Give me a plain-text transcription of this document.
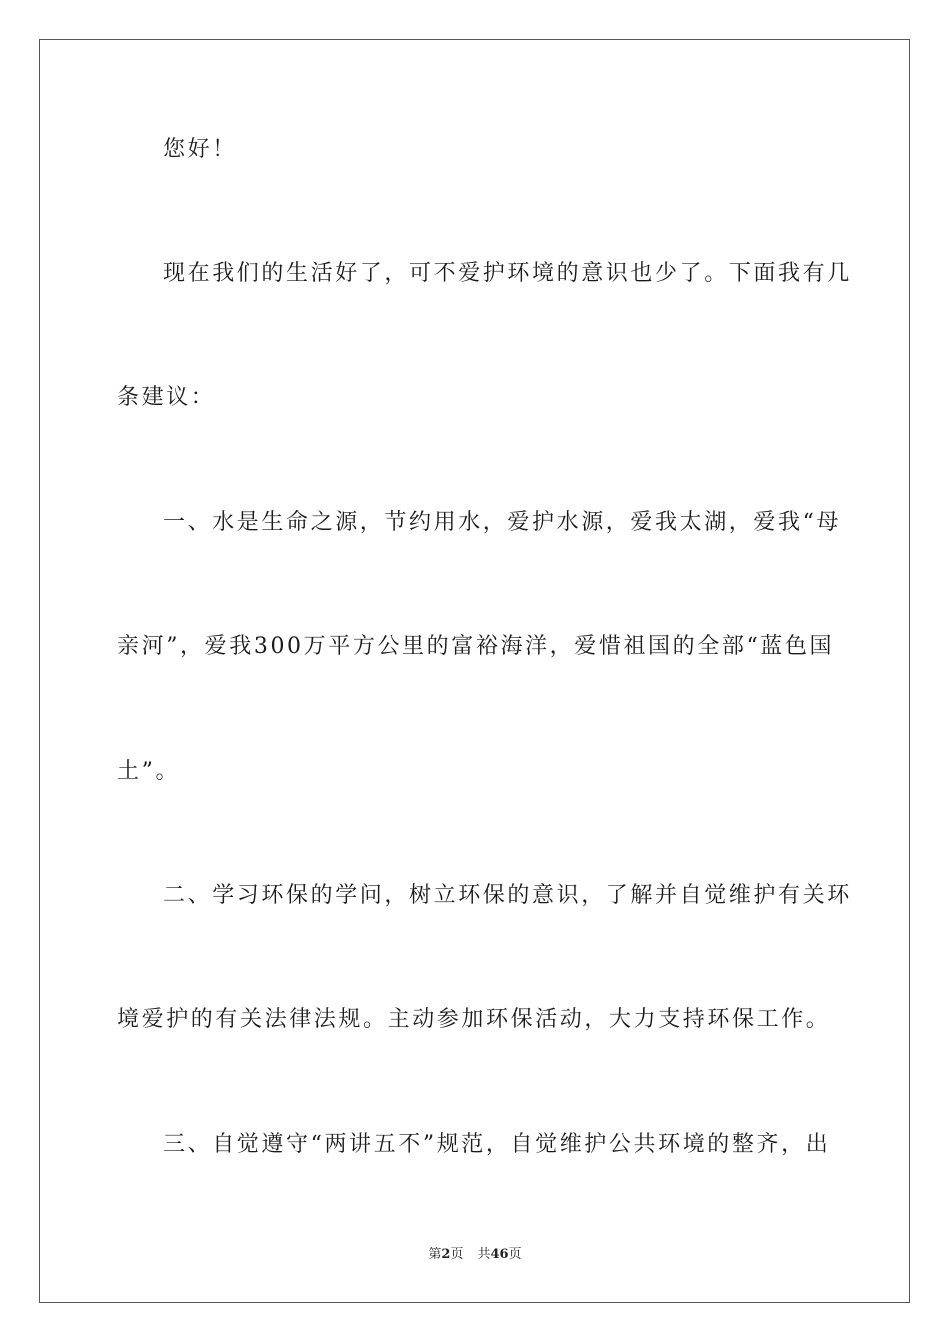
您好！
现在我们的生活好了，可不爱护环境的意识也少了。下面我有几
条建议：
一、水是生命之源，节约用水，爱护水源，爱我太湖，爱我“母
亲河”，爱我300万平方公里的富裕海洋，爱惜祖国的全部“蓝色国
土”。
二、学习环保的学问，树立环保的意识，了解并自觉维护有关环
境爱护的有关法律法规。主动参加环保活动，大力支持环保工作。
三、自觉遵守“两讲五不”规范，自觉维护公共环境的整齐，出
第2页 共46页
